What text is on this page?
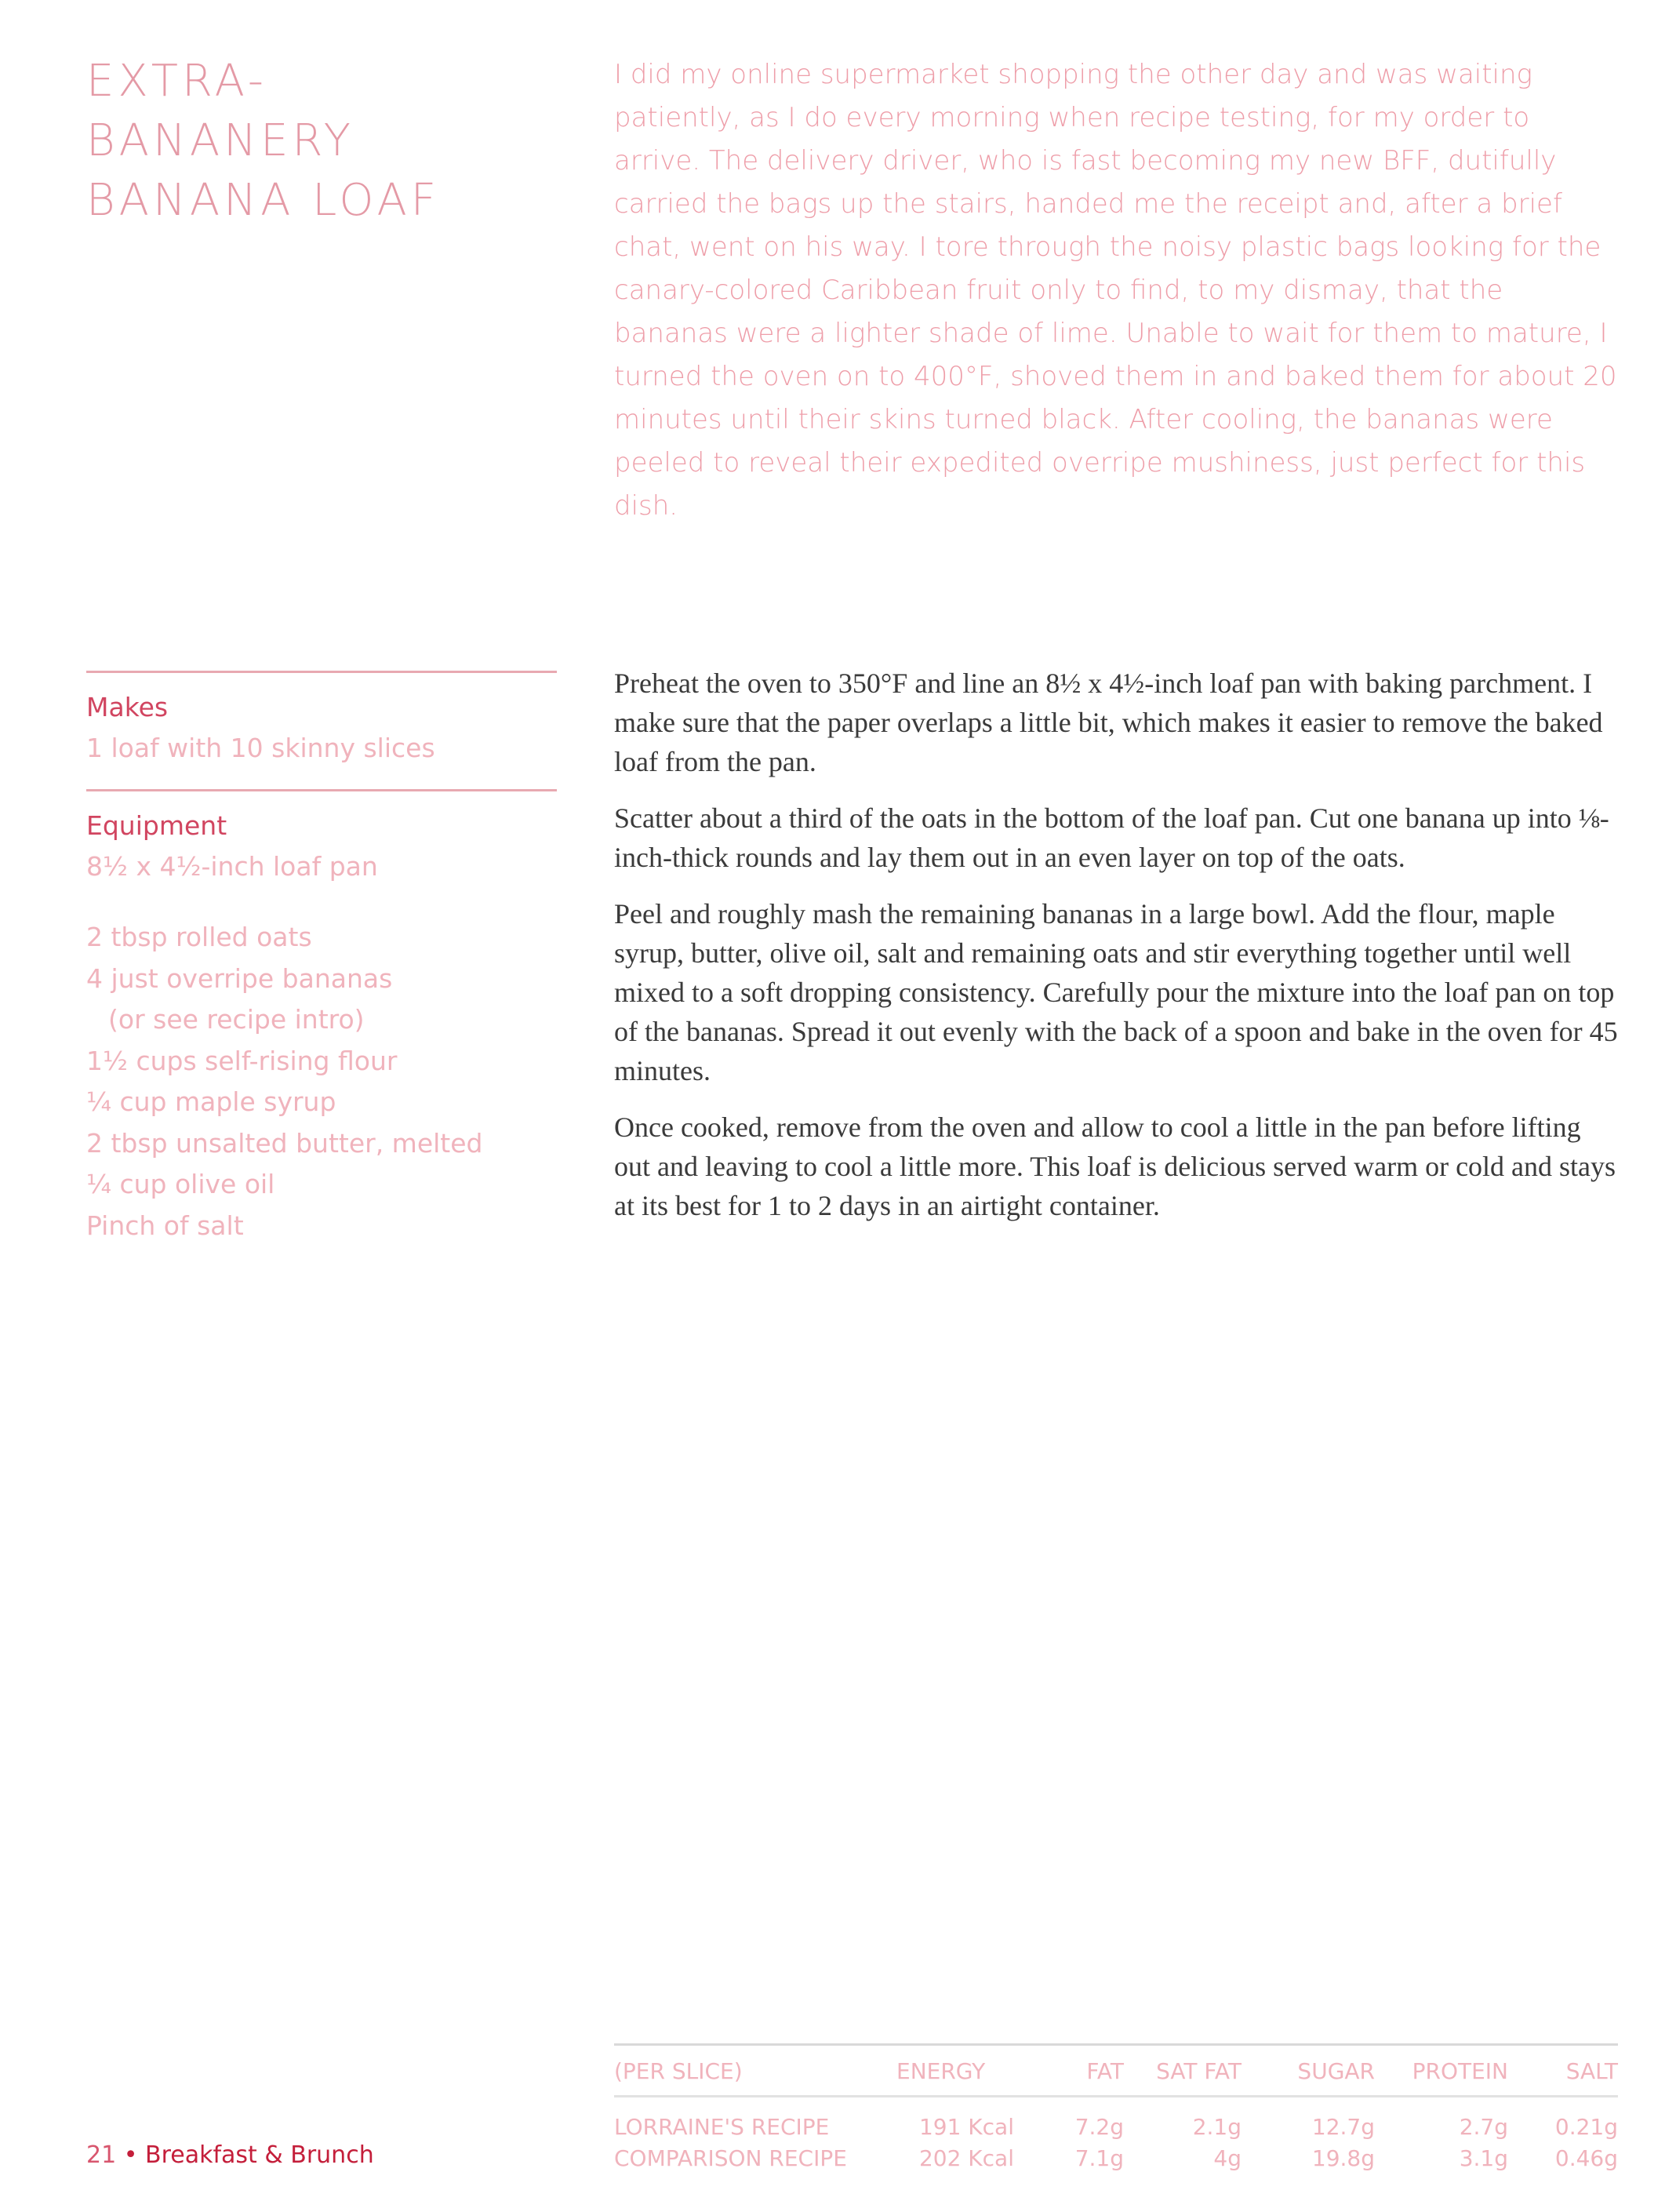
EXTRA-
BANANERY
BANANA LOAF
I did my online supermarket shopping the other day and was waiting patiently, as I do every morning when recipe testing, for my order to arrive. The delivery driver, who is fast becoming my new BFF, dutifully carried the bags up the stairs, handed me the receipt and, after a brief chat, went on his way. I tore through the noisy plastic bags looking for the canary-colored Caribbean fruit only to find, to my dismay, that the bananas were a lighter shade of lime. Unable to wait for them to mature, I turned the oven on to 400°F, shoved them in and baked them for about 20 minutes until their skins turned black. After cooling, the bananas were peeled to reveal their expedited overripe mushiness, just perfect for this dish.
Makes
1 loaf with 10 skinny slices
Equipment
8½ x 4½-inch loaf pan
2 tbsp rolled oats
4 just overripe bananas
(or see recipe intro)
1½ cups self-rising flour
¼ cup maple syrup
2 tbsp unsalted butter, melted
¼ cup olive oil
Pinch of salt

Preheat the oven to 350°F and line an 8½ x 4½-inch loaf pan with baking parchment. I make sure that the paper overlaps a little bit, which makes it easier to remove the baked loaf from the pan.

Scatter about a third of the oats in the bottom of the loaf pan. Cut one banana up into ⅛-inch-thick rounds and lay them out in an even layer on top of the oats.

Peel and roughly mash the remaining bananas in a large bowl. Add the flour, maple syrup, butter, olive oil, salt and remaining oats and stir everything together until well mixed to a soft dropping consistency. Carefully pour the mixture into the loaf pan on top of the bananas. Spread it out evenly with the back of a spoon and bake in the oven for 45 minutes.

Once cooked, remove from the oven and allow to cool a little in the pan before lifting out and leaving to cool a little more. This loaf is delicious served warm or cold and stays at its best for 1 to 2 days in an airtight container.

(PER SLICE)	ENERGY	FAT	SAT FAT	SUGAR	PROTEIN	SALT

LORRAINE'S RECIPE	191 Kcal	7.2g	2.1g	12.7g	2.7g	0.21g
COMPARISON RECIPE	202 Kcal	7.1g	4g	19.8g	3.1g	0.46g
21 • Breakfast & Brunch
